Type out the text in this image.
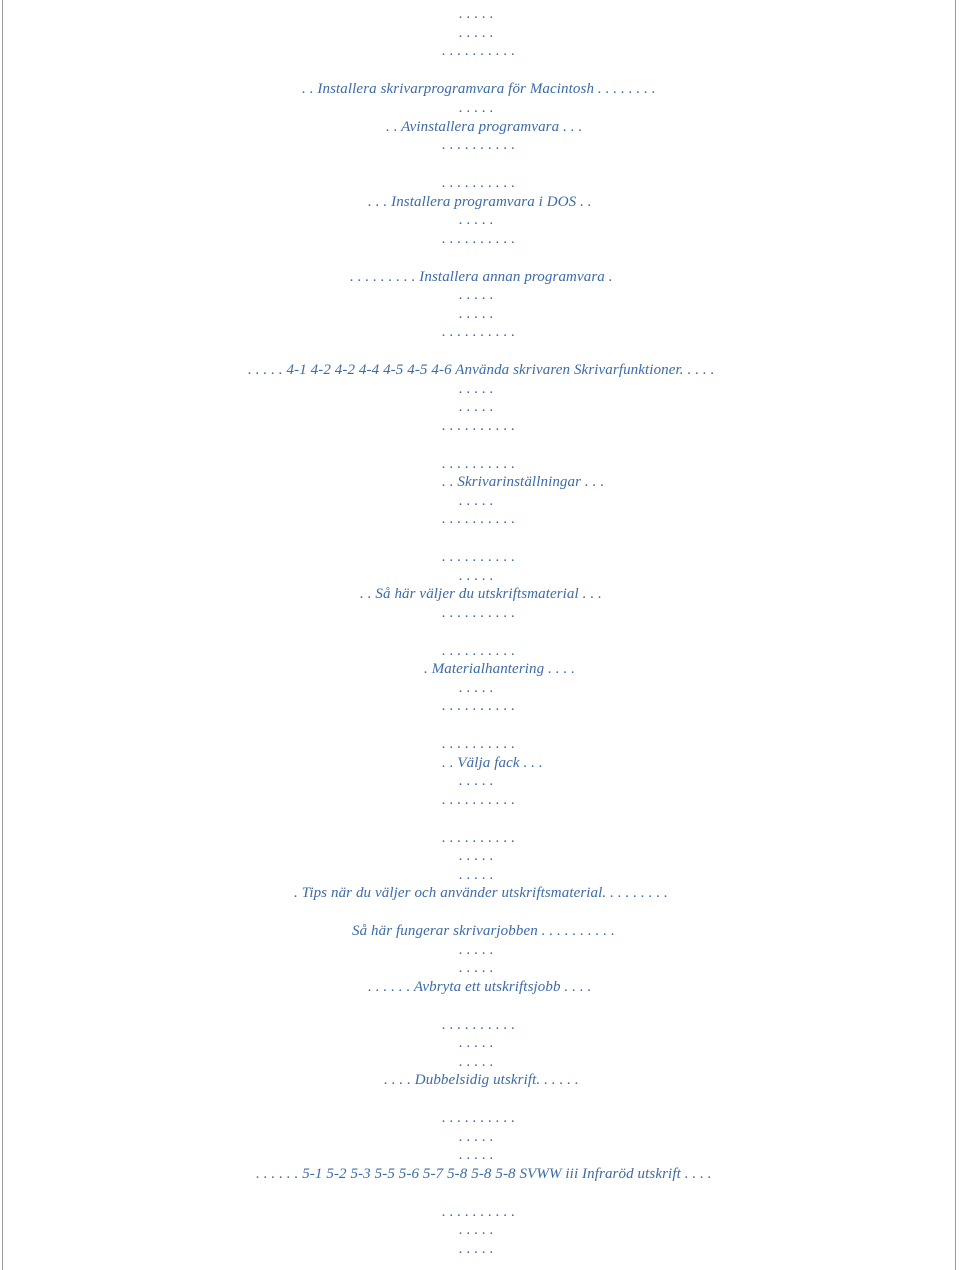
. . . . .
. . . . .
. . . . . . . . . .
. . Installera skrivarprogramvara för Macintosh . . . . . . . .
. . . . .
. . Avinstallera programvara . . .
. . . . . . . . . .
. . . . . . . . . .
. . . Installera programvara i DOS . .
. . . . .
. . . . . . . . . .
. . . . . . . . . Installera annan programvara .
. . . . .
. . . . .
. . . . . . . . . .
. . . . . 4-1 4-2 4-2 4-4 4-5 4-5 4-6 Använda skrivaren Skrivarfunktioner. . . . .
. . . . .
. . . . .
. . . . . . . . . .
. . . . . . . . . .
. . Skrivarinställningar . . .
. . . . .
. . . . . . . . . .
. . . . . . . . . .
. . . . .
. . Så här väljer du utskriftsmaterial . . .
. . . . . . . . . .
. . . . . . . . . .
. Materialhantering . . . .
. . . . .
. . . . . . . . . .
. . . . . . . . . .
. . Välja fack . . .
. . . . .
. . . . . . . . . .
. . . . . . . . . .
. . . . .
. . . . .
. Tips när du väljer och använder utskriftsmaterial. . . . . . . . .
Så här fungerar skrivarjobben . . . . . . . . . .
. . . . .
. . . . .
. . . . . . Avbryta ett utskriftsjobb . . . .
. . . . . . . . . .
. . . . .
. . . . .
. . . . Dubbelsidig utskrift. . . . . .
. . . . . . . . . .
. . . . .
. . . . .
. . . . . . 5-1 5-2 5-3 5-5 5-6 5-7 5-8 5-8 5-8 SVWW iii Infraröd utskrift . . . .
. . . . . . . . . .
. . . . .
. . . . .
